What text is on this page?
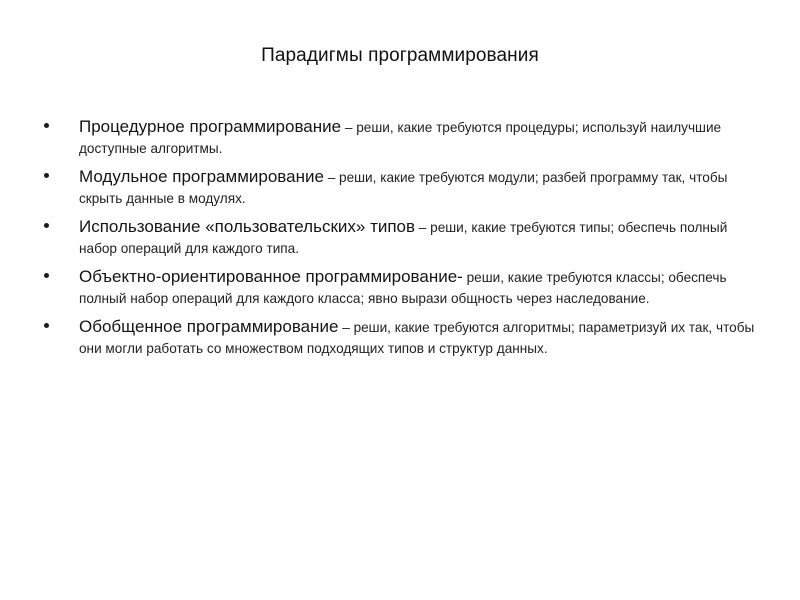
Парадигмы программирования
Процедурное программирование – реши, какие требуются процедуры; используй наилучшие доступные алгоритмы.
Модульное программирование – реши, какие требуются модули; разбей программу так, чтобы скрыть данные в модулях.
Использование «пользовательских» типов – реши, какие требуются типы; обеспечь полный набор операций для каждого типа.
Объектно-ориентированное программирование- реши, какие требуются классы; обеспечь полный набор операций для каждого класса; явно вырази общность через наследование.
Обобщенное программирование – реши, какие требуются алгоритмы; параметризуй их так, чтобы они могли работать со множеством подходящих типов и структур данных.
